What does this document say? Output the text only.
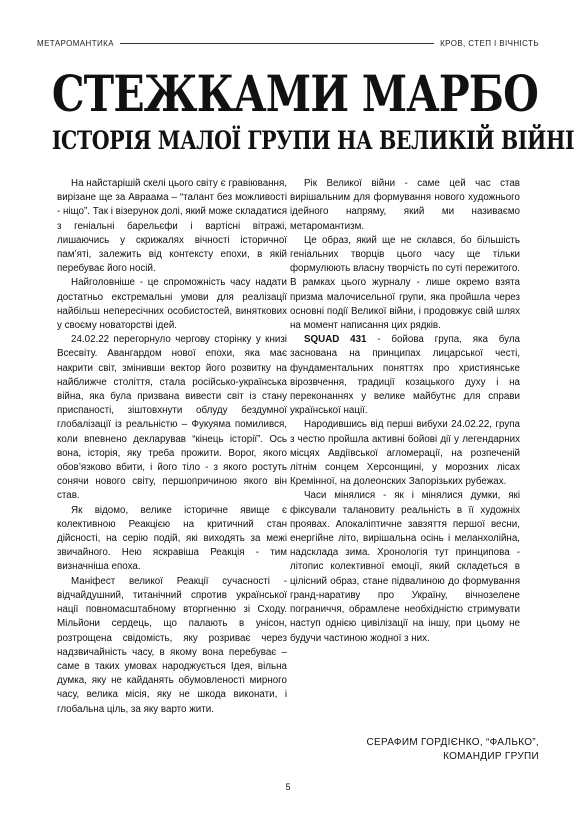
МЕТАРОМАНТИКА	КРОВ, СТЕП І ВІЧНІСТЬ
СТЕЖКАМИ МАРБО
ІСТОРІЯ МАЛОЇ ГРУПИ НА ВЕЛИКІЙ ВІЙНІ

На найстарішій скелі цього світу є гравіювання, вирізане ще за Авраама – “талант без можливості - ніщо”. Так і візерунок долі, який може складатися з геніальні барельєфи і вартісні вітражі, лишаючись у скрижалях вічності історичної пам’яті, залежить від контексту епохи, в якій перебуває його носій.

Найголовніше - це спроможність часу надати достатньо екстремальні умови для реалізації найбільш непересічних особистостей, виняткових у своєму новаторстві ідей.

24.02.22 перегорнуло чергову сторінку у книзі Всесвіту. Авангардом нової епохи, яка має накрити світ, змінивши вектор його розвитку на найближче століття, стала російсько-українська війна, яка була призвана вивести світ із стану приспаності, зіштовхнути облуду бездумної глобалізації із реальністю – Фукуяма помилився, коли впевнено декларував “кінець історії”. Ось вона, історія, яку треба прожити. Ворог, якого обов’язково вбити, і його тіло - з якого ростуть сонячи нового світу, першопричиною якого він став.

Як відомо, велике історичне явище є колективною Реакцією на критичний стан дійсності, на серію подій, які виходять за межі звичайного. Нею яскравіша Реакція - тим визначніша епоха.

Маніфест великої Реакції сучасності - відчайдушний, титанічний спротив української нації повномасштабному вторгненню зі Сходу. Мільйони сердець, що палають в унісон, розтрощена свідомість, яку розриває через надзвичайність часу, в якому вона перебуває – саме в таких умовах народжується Ідея, вільна думка, яку не кайданять обумовленості мирного часу, велика місія, яку не шкода виконати, і глобальна ціль, за яку варто жити.

Рік Великої війни - саме цей час став вирішальним для формування нового художнього ідейного напряму, який ми називаємо метаромантизм.

Це образ, який ще не склався, бо більшість геніальних творців цього часу ще тільки формулюють власну творчість по суті пережитого. В рамках цього журналу - лише окремо взята призма малочисельної групи, яка пройшла через основні події Великої війни, і продовжує свій шлях на момент написання цих рядків.

SQUAD 431 - бойова група, яка була заснована на принципах лицарської честі, фундаментальних поняттях про християнське вірозвчення, традиції козацького духу і на переконаннях у велике майбутнє для справи української нації.

Народившись від перші вибухи 24.02.22, група з честю пройшла активні бойові дії у легендарних місцях Авдіївської агломерації, на розпеченій літнім сонцем Херсонщині, у морозних лісах Кремінної, на долеонских Запорізьких рубежах.

Часи мінялися - як і мінялися думки, які фіксували талановиту реальність в її художніх проявах. Апокаліптичне завзяття першої весни, енергійне літо, вирішальна осінь і меланхолійна, надсклада зима. Хронологія тут принципова - літопис колективної емоції, який складеться в цілісний образ, стане підвалиною до формування гранд-наративу про Україну, вічнозелене пограниччя, обрамлене необхідністю стримувати наступ однією цивілізації на іншу, при цьому не будучи частиною жодної з них.

СЕРАФИМ ГОРДІЄНКО, “ФАЛЬКО”,
КОМАНДИР ГРУПИ
5
